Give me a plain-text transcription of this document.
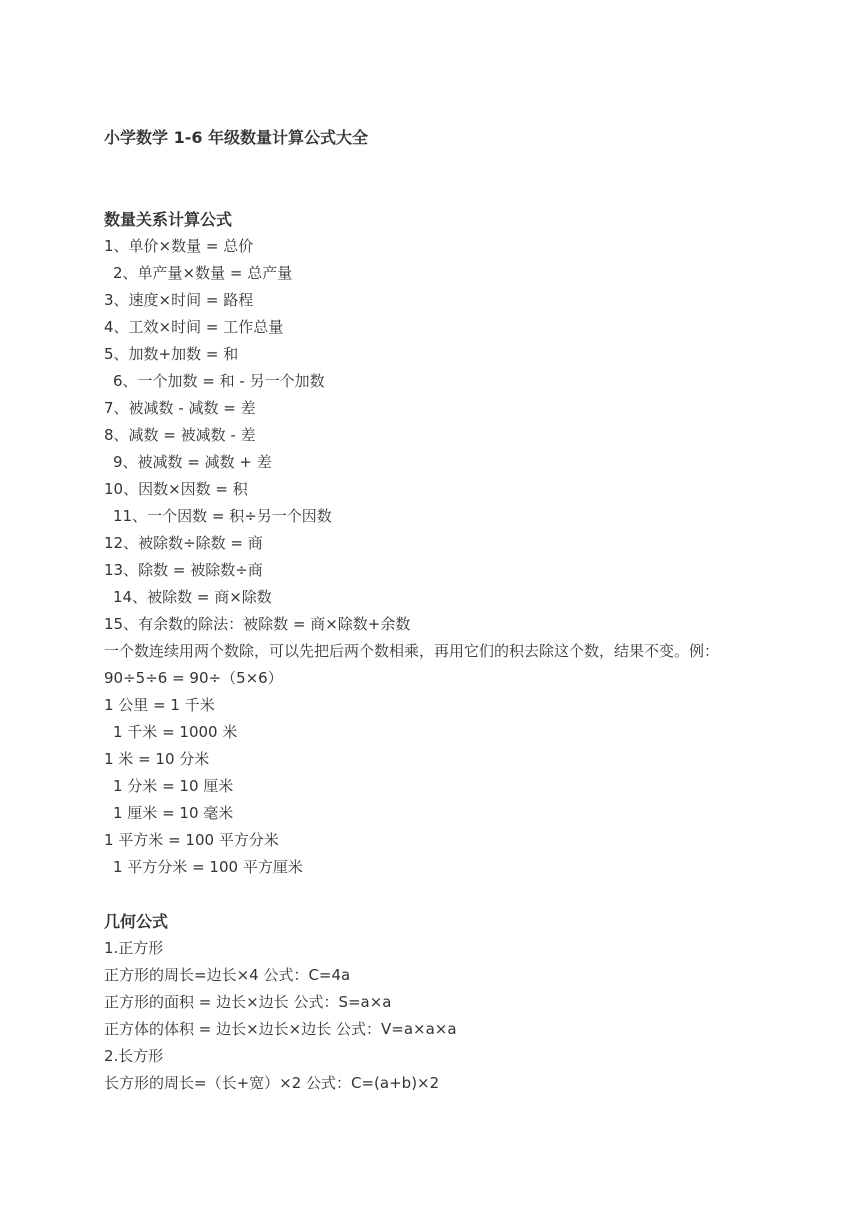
小学数学 1-6 年级数量计算公式大全
数量关系计算公式
1、单价×数量 = 总价
2、单产量×数量 = 总产量
3、速度×时间 = 路程
4、工效×时间 = 工作总量
5、加数+加数 = 和
6、一个加数 = 和 - 另一个加数
7、被减数 - 减数 = 差
8、减数 = 被减数 - 差
9、被减数 = 减数 + 差
10、因数×因数 = 积
11、一个因数 = 积÷另一个因数
12、被除数÷除数 = 商
13、除数 = 被除数÷商
14、被除数 = 商×除数
15、有余数的除法：被除数 = 商×除数+余数
一个数连续用两个数除，可以先把后两个数相乘，再用它们的积去除这个数，结果不变。例：90÷5÷6 = 90÷（5×6）
1 公里 = 1 千米
1 千米 = 1000 米
1 米 = 10 分米
1 分米 = 10 厘米
1 厘米 = 10 毫米
1 平方米 = 100 平方分米
1 平方分米 = 100 平方厘米
几何公式
1.正方形
正方形的周长=边长×4 公式：C=4a
正方形的面积 = 边长×边长 公式：S=a×a
正方体的体积 = 边长×边长×边长 公式：V=a×a×a
2.长方形
长方形的周长=（长+宽）×2 公式：C=(a+b)×2
